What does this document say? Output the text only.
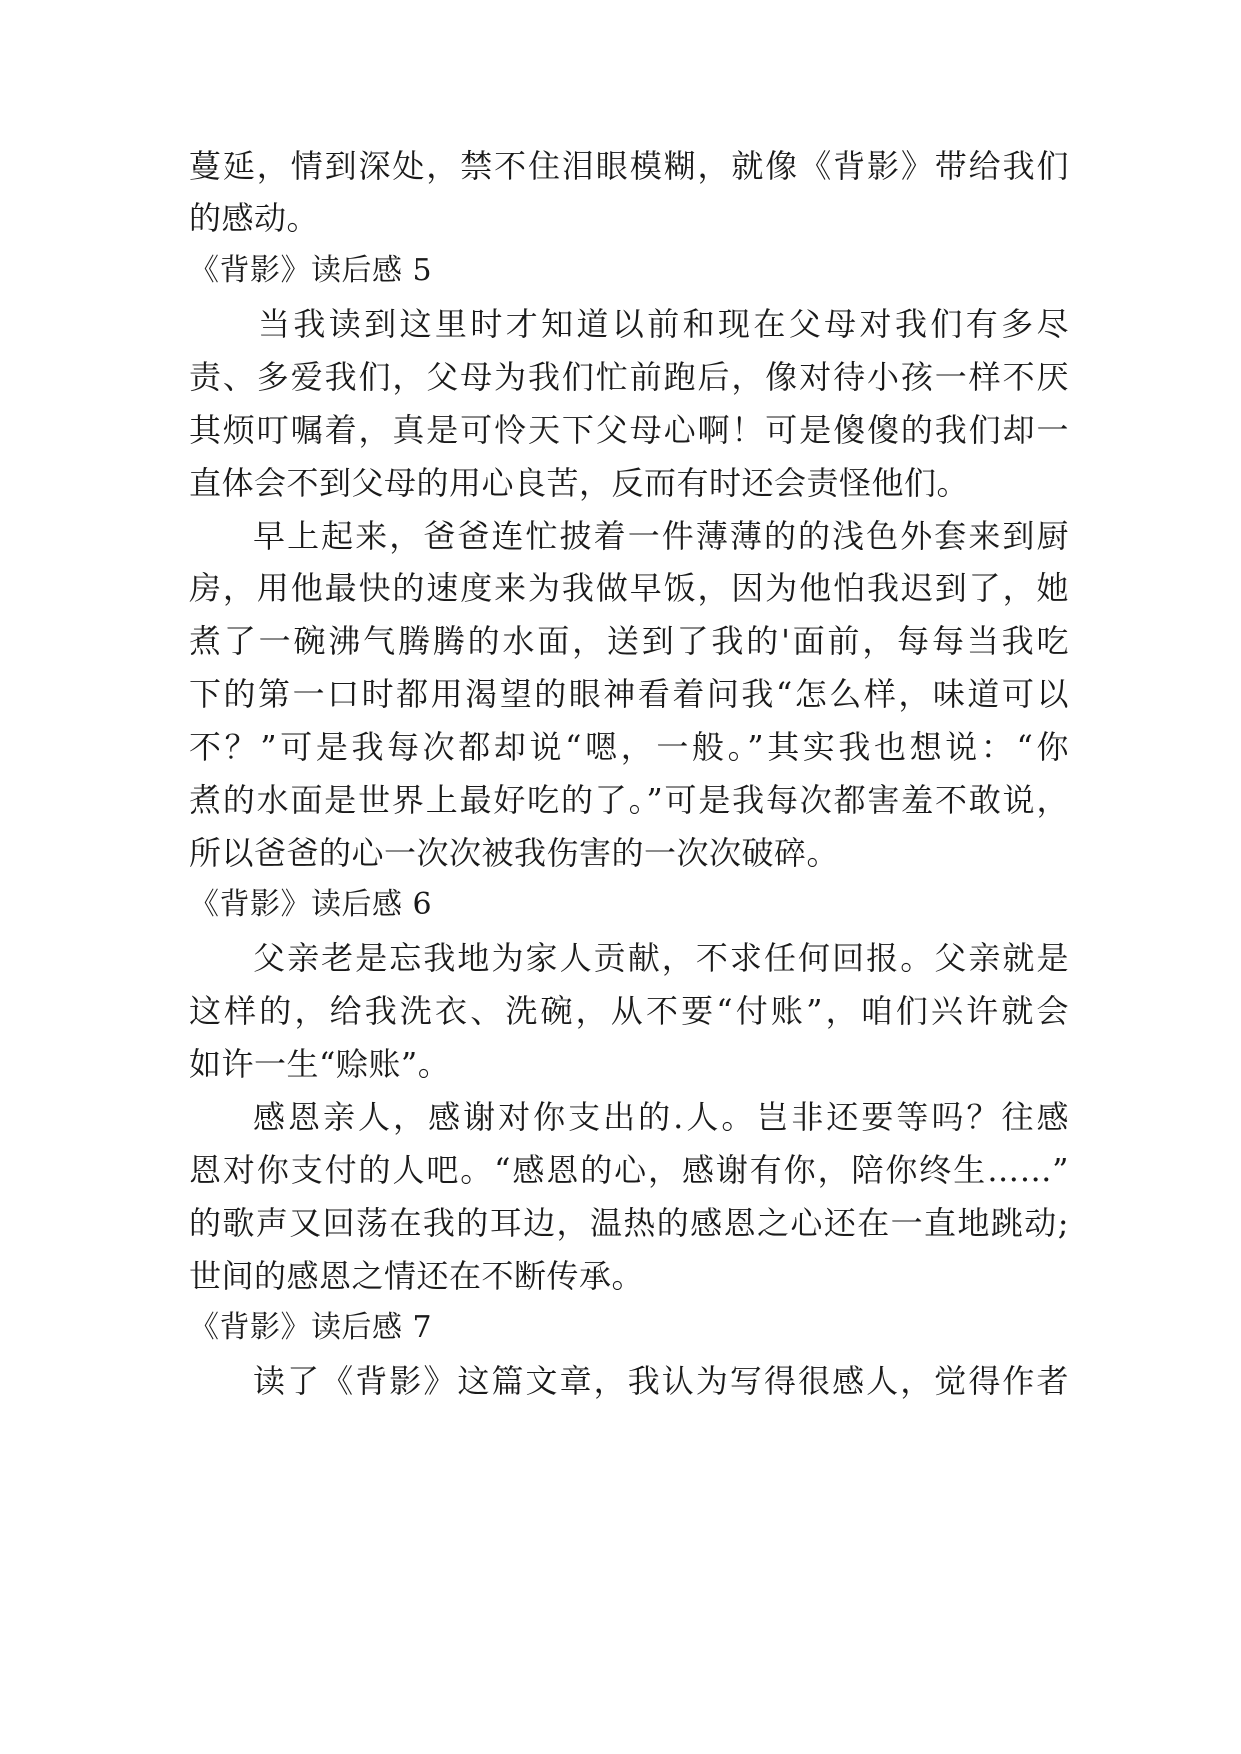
蔓延，情到深处，禁不住泪眼模糊，就像《背影》带给我们
的感动。
《背影》读后感 5
当我读到这里时才知道以前和现在父母对我们有多尽
责、多爱我们，父母为我们忙前跑后，像对待小孩一样不厌
其烦叮嘱着，真是可怜天下父母心啊！可是傻傻的我们却一
直体会不到父母的用心良苦，反而有时还会责怪他们。
早上起来，爸爸连忙披着一件薄薄的的浅色外套来到厨
房，用他最快的速度来为我做早饭，因为他怕我迟到了，她
煮了一碗沸气腾腾的水面，送到了我的'面前，每每当我吃
下的第一口时都用渴望的眼神看着问我“怎么样，味道可以
不？”可是我每次都却说“嗯，一般。”其实我也想说：“你
煮的水面是世界上最好吃的了。”可是我每次都害羞不敢说，
所以爸爸的心一次次被我伤害的一次次破碎。
《背影》读后感 6
父亲老是忘我地为家人贡献，不求任何回报。父亲就是
这样的，给我洗衣、洗碗，从不要“付账”，咱们兴许就会
如许一生“赊账”。
感恩亲人，感谢对你支出的.人。岂非还要等吗？往感
恩对你支付的人吧。“感恩的心，感谢有你，陪你终生……”
的歌声又回荡在我的耳边，温热的感恩之心还在一直地跳动;
世间的感恩之情还在不断传承。
《背影》读后感 7
读了《背影》这篇文章，我认为写得很感人，觉得作者
